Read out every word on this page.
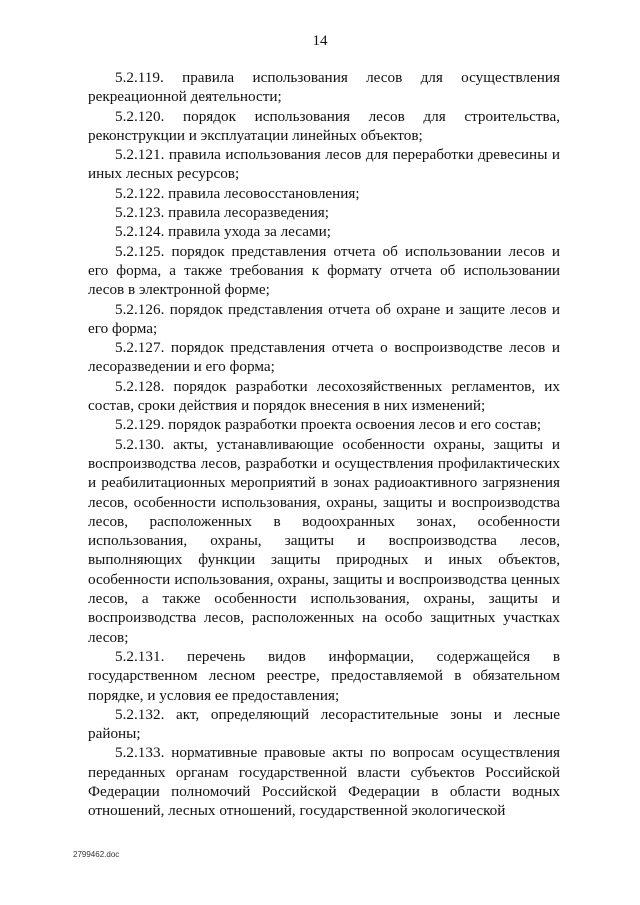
14

5.2.119. правила использования лесов для осуществления рекреационной деятельности;

5.2.120. порядок использования лесов для строительства, реконструкции и эксплуатации линейных объектов;

5.2.121. правила использования лесов для переработки древесины и иных лесных ресурсов;

5.2.122. правила лесовосстановления;

5.2.123. правила лесоразведения;

5.2.124. правила ухода за лесами;

5.2.125. порядок представления отчета об использовании лесов и его форма, а также требования к формату отчета об использовании лесов в электронной форме;

5.2.126. порядок представления отчета об охране и защите лесов и его форма;

5.2.127. порядок представления отчета о воспроизводстве лесов и лесоразведении и его форма;

5.2.128. порядок разработки лесохозяйственных регламентов, их состав, сроки действия и порядок внесения в них изменений;

5.2.129. порядок разработки проекта освоения лесов и его состав;

5.2.130. акты, устанавливающие особенности охраны, защиты и воспроизводства лесов, разработки и осуществления профилактических и реабилитационных мероприятий в зонах радиоактивного загрязнения лесов, особенности использования, охраны, защиты и воспроизводства лесов, расположенных в водоохранных зонах, особенности использования, охраны, защиты и воспроизводства лесов, выполняющих функции защиты природных и иных объектов, особенности использования, охраны, защиты и воспроизводства ценных лесов, а также особенности использования, охраны, защиты и воспроизводства лесов, расположенных на особо защитных участках лесов;

5.2.131. перечень видов информации, содержащейся в государственном лесном реестре, предоставляемой в обязательном порядке, и условия ее предоставления;

5.2.132. акт, определяющий лесорастительные зоны и лесные районы;

5.2.133. нормативные правовые акты по вопросам осуществления переданных органам государственной власти субъектов Российской Федерации полномочий Российской Федерации в области водных отношений, лесных отношений, государственной экологической

2799462.doc
